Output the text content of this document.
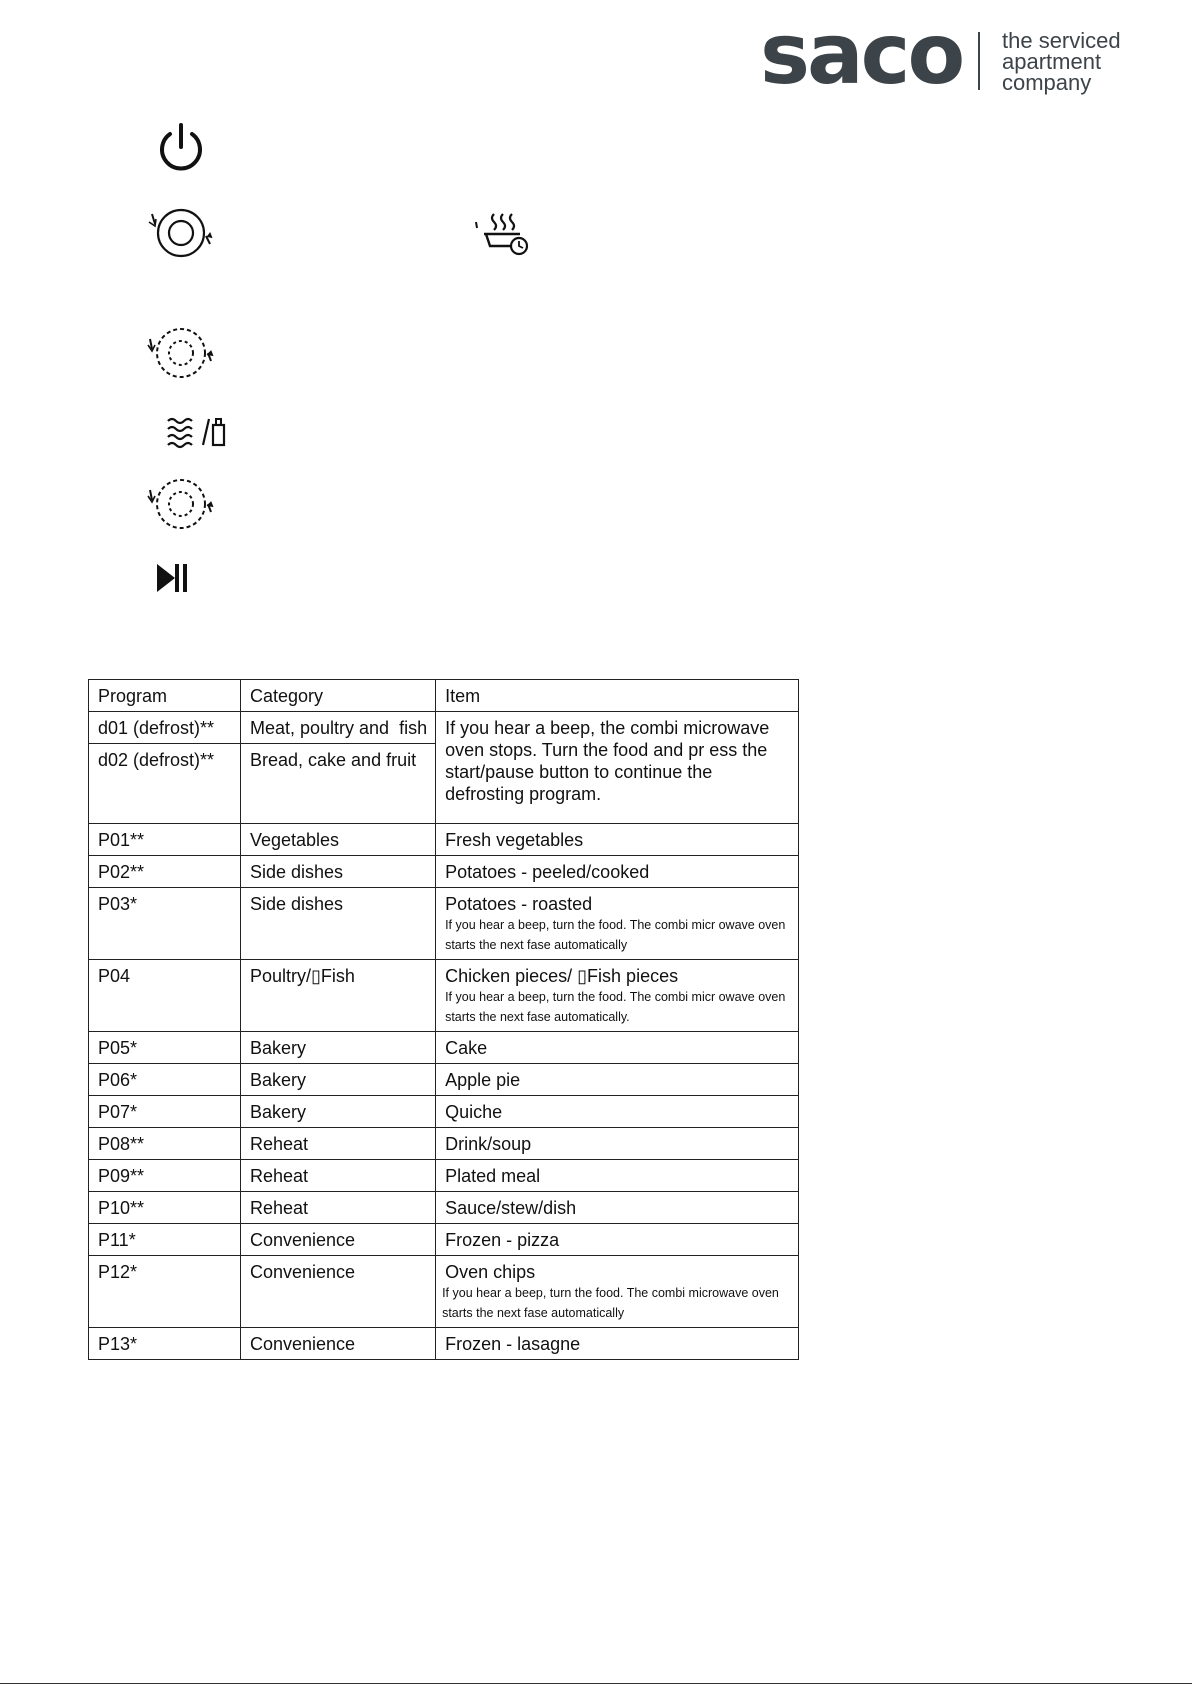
saco the serviced
apartment
company
Program	Category	Item
d01 (defrost)**	Meat, poultry and  fish	If you hear a beep, the combi microwave oven stops. Turn the food and pr ess the start/pause button to continue the defrosting program.
d02 (defrost)**	Bread, cake and fruit	
P01**	Vegetables	Fresh vegetables
P02**	Side dishes	Potatoes - peeled/cooked
P03*	Side dishes	Potatoes - roasted
If you hear a beep, turn the food. The combi micr owave oven starts the next fase automatically

P04	Poultry/▯Fish	Chicken pieces/ ▯Fish pieces
If you hear a beep, turn the food. The combi micr owave oven starts the next fase automatically.

P05*	Bakery	Cake
P06*	Bakery	Apple pie
P07*	Bakery	Quiche
P08**	Reheat	Drink/soup
P09**	Reheat	Plated meal
P10**	Reheat	Sauce/stew/dish
P11*	Convenience	Frozen - pizza
P12*	Convenience	Oven chips
If you hear a beep, turn the food. The combi microwave oven starts the next fase automatically

P13*	Convenience	Frozen - lasagne
